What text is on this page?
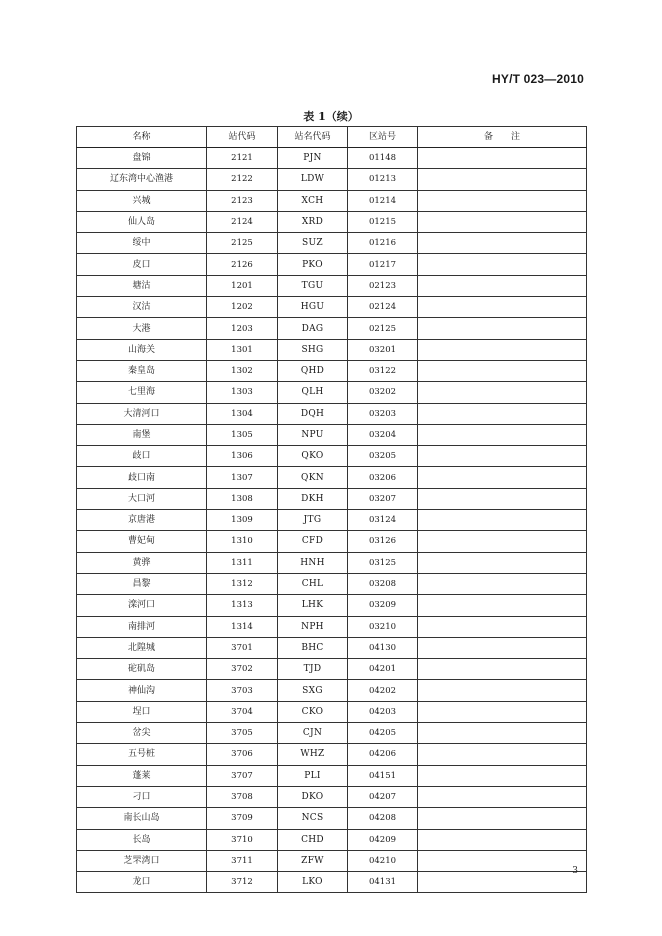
HY/T 023—2010
表 1（续）
名称	站代码	站名代码	区站号	备　　注
盘锦	2121	PJN	01148	
辽东湾中心渔港	2122	LDW	01213	
兴城	2123	XCH	01214	
仙人岛	2124	XRD	01215	
绥中	2125	SUZ	01216	
皮口	2126	PKO	01217	
塘沽	1201	TGU	02123	
汉沽	1202	HGU	02124	
大港	1203	DAG	02125	
山海关	1301	SHG	03201	
秦皇岛	1302	QHD	03122	
七里海	1303	QLH	03202	
大清河口	1304	DQH	03203	
南堡	1305	NPU	03204	
歧口	1306	QKO	03205	
歧口南	1307	QKN	03206	
大口河	1308	DKH	03207	
京唐港	1309	JTG	03124	
曹妃甸	1310	CFD	03126	
黄骅	1311	HNH	03125	
昌黎	1312	CHL	03208	
滦河口	1313	LHK	03209	
南排河	1314	NPH	03210	
北隍城	3701	BHC	04130	
砣矶岛	3702	TJD	04201	
神仙沟	3703	SXG	04202	
埕口	3704	CKO	04203	
岔尖	3705	CJN	04205	
五号桩	3706	WHZ	04206	
蓬莱	3707	PLI	04151	
刁口	3708	DKO	04207	
南长山岛	3709	NCS	04208	
长岛	3710	CHD	04209	
芝罘湾口	3711	ZFW	04210	
龙口	3712	LKO	04131	
3
